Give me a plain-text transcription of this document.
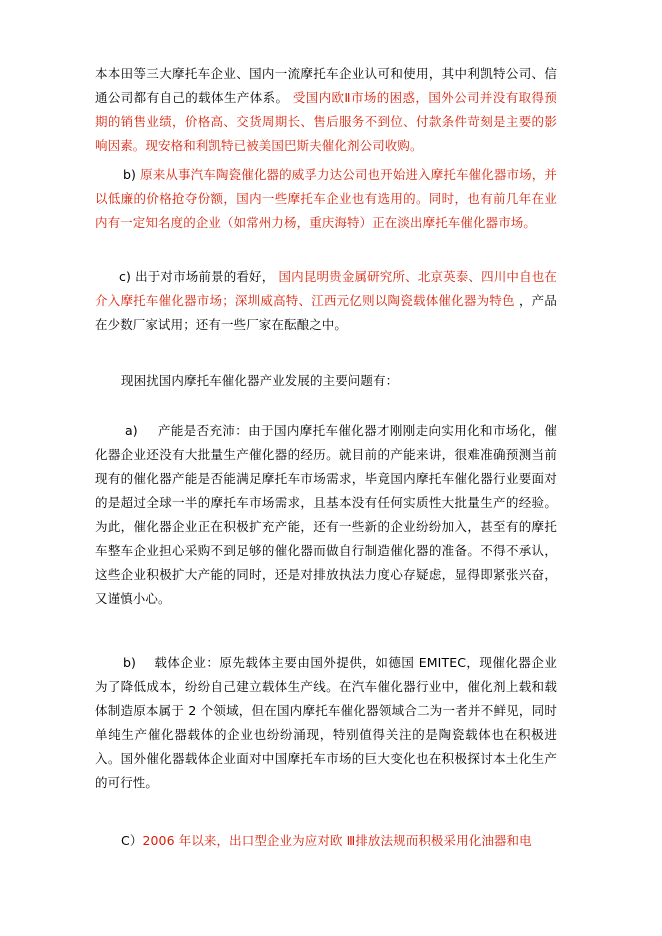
本本田等三大摩托车企业、国内一流摩托车企业认可和使用，其中利凯特公司、信通公司都有自己的载体生产体系。 受国内欧Ⅱ市场的困惑，国外公司并没有取得预期的销售业绩，价格高、交货周期长、售后服务不到位、付款条件苛刻是主要的影响因素。现安格和利凯特已被美国巴斯夫催化剂公司收购。
b) 原来从事汽车陶瓷催化器的威孚力达公司也开始进入摩托车催化器市场，并以低廉的价格抢夺份额，国内一些摩托车企业也有选用的。同时，也有前几年在业内有一定知名度的企业（如常州力杨，重庆海特）正在淡出摩托车催化器市场。
c) 出于对市场前景的看好， 国内昆明贵金属研究所、北京英泰、四川中自也在介入摩托车催化器市场；深圳威高特、江西元亿则以陶瓷载体催化器为特色 ，产品在少数厂家试用；还有一些厂家在酝酿之中。
现困扰国内摩托车催化器产业发展的主要问题有：
a) 产能是否充沛：由于国内摩托车催化器才刚刚走向实用化和市场化，催化器企业还没有大批量生产催化器的经历。就目前的产能来讲，很难准确预测当前现有的催化器产能是否能满足摩托车市场需求，毕竟国内摩托车催化器行业要面对的是超过全球一半的摩托车市场需求，且基本没有任何实质性大批量生产的经验。为此，催化器企业正在积极扩充产能，还有一些新的企业纷纷加入，甚至有的摩托车整车企业担心采购不到足够的催化器而做自行制造催化器的准备。不得不承认，这些企业积极扩大产能的同时，还是对排放执法力度心存疑虑，显得即紧张兴奋，又谨慎小心。
b) 载体企业：原先载体主要由国外提供，如德国 EMITEC，现催化器企业为了降低成本，纷纷自己建立载体生产线。在汽车催化器行业中，催化剂上载和载体制造原本属于 2 个领域，但在国内摩托车催化器领域合二为一者并不鲜见，同时单纯生产催化器载体的企业也纷纷涌现，特别值得关注的是陶瓷载体也在积极进入。国外催化器载体企业面对中国摩托车市场的巨大变化也在积极探讨本土化生产的可行性。
C）2006 年以来，出口型企业为应对欧 Ⅲ排放法规而积极采用化油器和电
